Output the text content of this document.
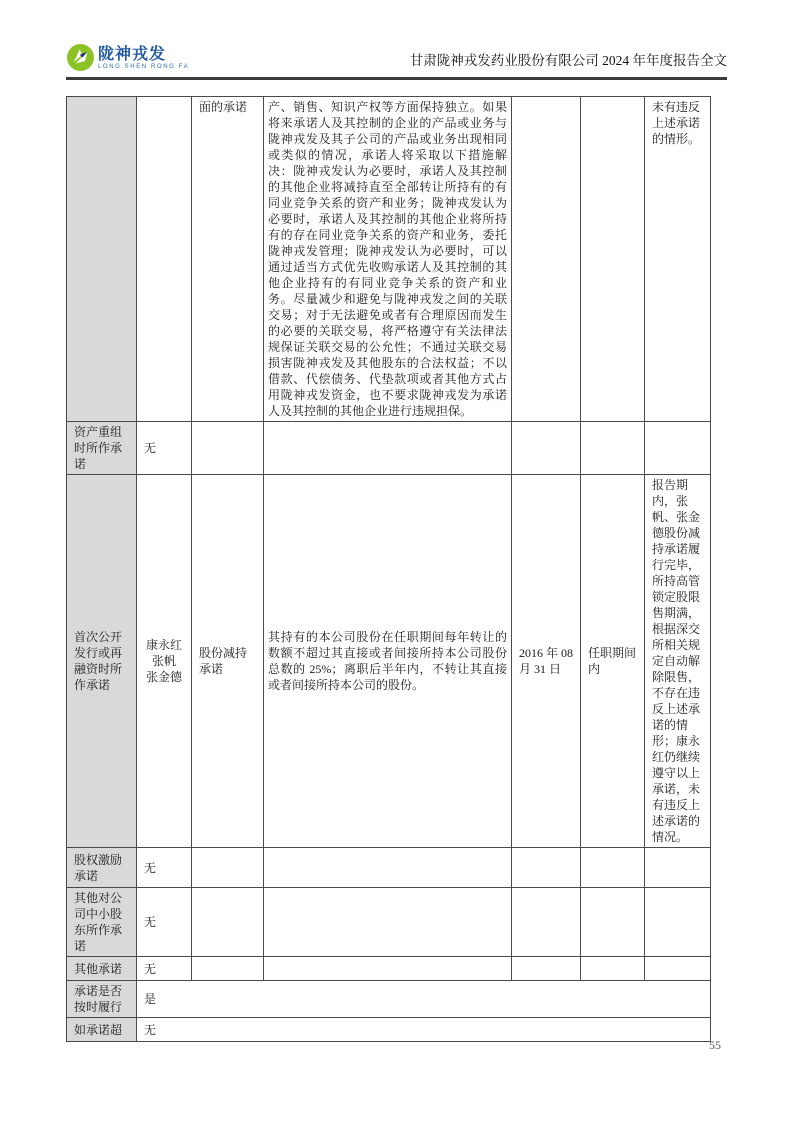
陇神戎发
LONG SHEN RONG FA	甘肃陇神戎发药业股份有限公司 2024 年年度报告全文
		面的承诺	产、销售、知识产权等方面保持独立。如果将来承诺人及其控制的企业的产品或业务与陇神戎发及其子公司的产品或业务出现相同或类似的情况，承诺人将采取以下措施解决：陇神戎发认为必要时，承诺人及其控制的其他企业将减持直至全部转让所持有的有同业竞争关系的资产和业务；陇神戎发认为必要时，承诺人及其控制的其他企业将所持有的存在同业竞争关系的资产和业务，委托陇神戎发管理；陇神戎发认为必要时，可以通过适当方式优先收购承诺人及其控制的其他企业持有的有同业竞争关系的资产和业务。尽量减少和避免与陇神戎发之间的关联交易；对于无法避免或者有合理原因而发生的必要的关联交易，将严格遵守有关法律法规保证关联交易的公允性；不通过关联交易损害陇神戎发及其他股东的合法权益；不以借款、代偿债务、代垫款项或者其他方式占用陇神戎发资金，也不要求陇神戎发为承诺人及其控制的其他企业进行违规担保。			未有违反上述承诺的情形。
资产重组时所作承诺	无					
首次公开发行或再融资时所作承诺	康永红
张帆
张金德	股份减持承诺	其持有的本公司股份在任职期间每年转让的数额不超过其直接或者间接所持本公司股份总数的 25%；离职后半年内，不转让其直接或者间接所持本公司的股份。	2016 年 08 月 31 日	任职期间内	报告期内，张帆、张金德股份减持承诺履行完毕，所持高管锁定股限售期满，根据深交所相关规定自动解除限售，不存在违反上述承诺的情形；康永红仍继续遵守以上承诺，未有违反上述承诺的情况。
股权激励承诺	无					
其他对公司中小股东所作承诺	无					
其他承诺	无					
承诺是否按时履行	是					
如承诺超	无					
55
